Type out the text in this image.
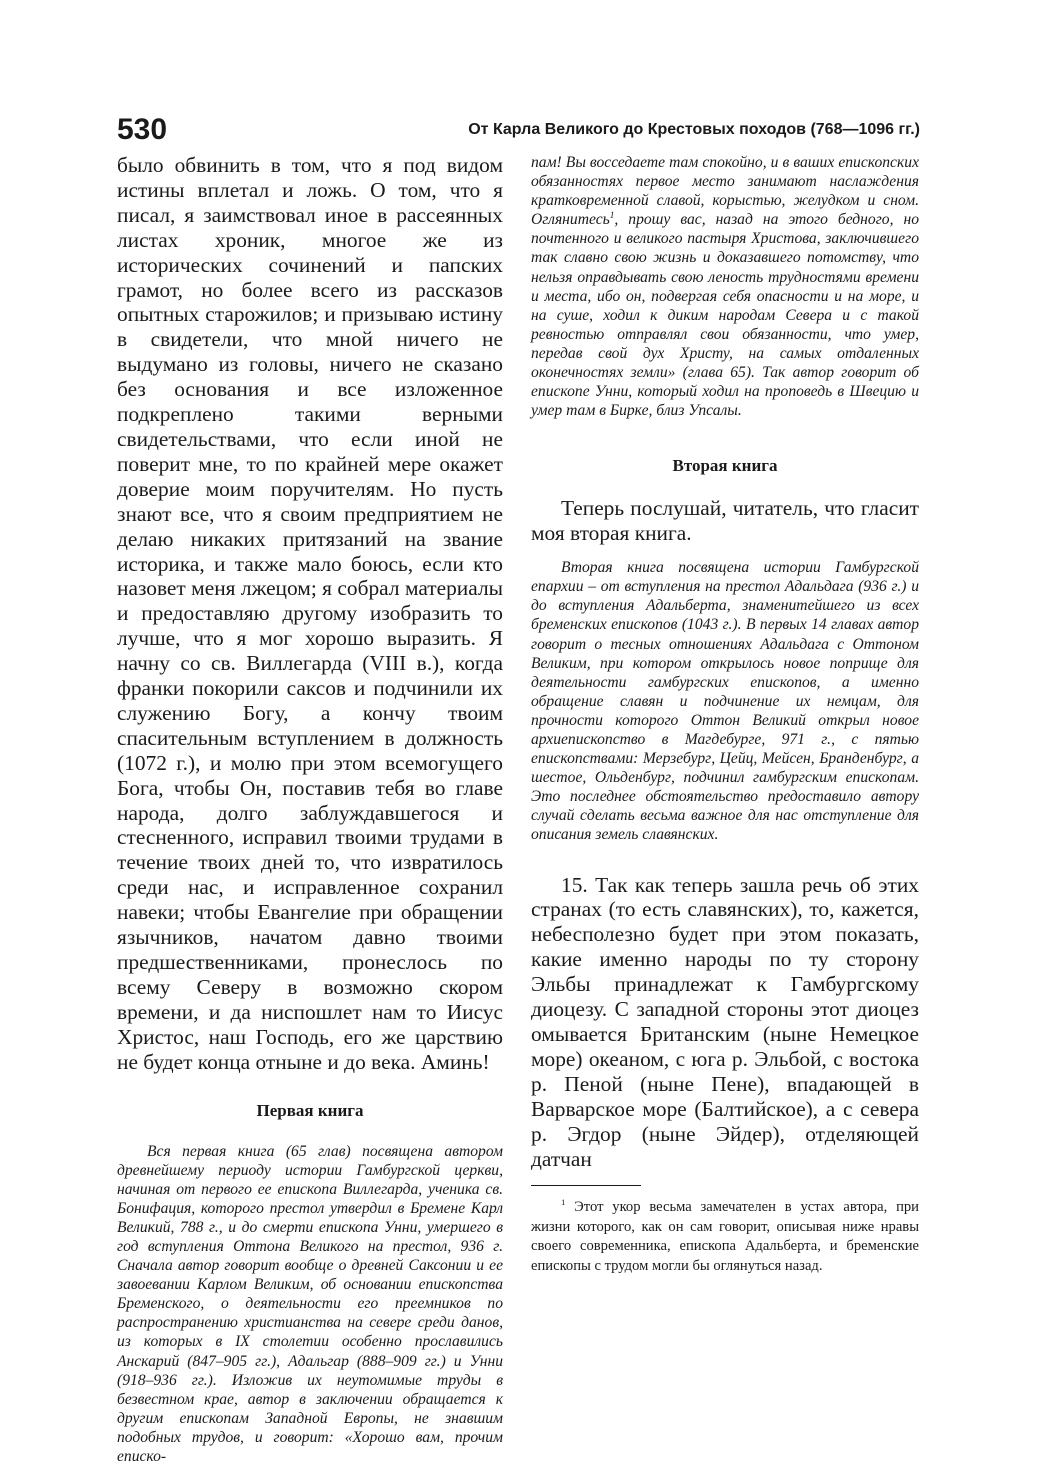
530	От Карла Великого до Крестовых походов (768—1096 гг.)

было обвинить в том, что я под видом истины вплетал и ложь. О том, что я писал, я заимствовал иное в рассеянных листах хроник, многое же из исторических сочинений и папских грамот, но более всего из рассказов опытных старожилов; и призываю истину в свидетели, что мной ничего не выдумано из головы, ничего не сказано без основания и все изложенное подкреплено такими верными свидетельствами, что если иной не поверит мне, то по крайней мере окажет доверие моим поручителям. Но пусть знают все, что я своим предприятием не делаю никаких притязаний на звание историка, и также мало боюсь, если кто назовет меня лжецом; я собрал материалы и предоставляю другому изобразить то лучше, что я мог хорошо выразить. Я начну со св. Виллегарда (VIII в.), когда франки покорили саксов и подчинили их служению Богу, а кончу твоим спасительным вступлением в должность (1072 г.), и молю при этом всемогущего Бога, чтобы Он, поставив тебя во главе народа, долго заблуждавшегося и стесненного, исправил твоими трудами в течение твоих дней то, что извратилось среди нас, и исправленное сохранил навеки; чтобы Евангелие при обращении язычников, начатом давно твоими предшественниками, пронеслось по всему Северу в возможно скором времени, и да ниспошлет нам то Иисус Христос, наш Господь, его же царствию не будет конца отныне и до века. Аминь!

Первая книга

Вся первая книга (65 глав) посвящена автором древнейшему периоду истории Гамбургской церкви, начиная от первого ее епископа Виллегарда, ученика св. Бонифация, которого престол утвердил в Бремене Карл Великий, 788 г., и до смерти епископа Унни, умершего в год вступления Оттона Великого на престол, 936 г. Сначала автор говорит вообще о древней Саксонии и ее завоевании Карлом Великим, об основании епископства Бременского, о деятельности его преемников по распространению христианства на севере среди данов, из которых в IX столетии особенно прославились Анскарий (847–905 гг.), Адальгар (888–909 гг.) и Унни (918–936 гг.). Изложив их неутомимые труды в безвестном крае, автор в заключении обращается к другим епископам Западной Европы, не знавшим подобных трудов, и говорит: «Хорошо вам, прочим еписко-

пам! Вы восседаете там спокойно, и в ваших епископских обязанностях первое место занимают наслаждения кратковременной славой, корыстью, желудком и сном. Оглянитесь$^1$, прошу вас, назад на этого бедного, но почтенного и великого пастыря Христова, заключившего так славно свою жизнь и доказавшего потомству, что нельзя оправдывать свою леность трудностями времени и места, ибо он, подвергая себя опасности и на море, и на суше, ходил к диким народам Севера и с такой ревностью отправлял свои обязанности, что умер, передав свой дух Христу, на самых отдаленных оконечностях земли» (глава 65). Так автор говорит об епископе Унни, который ходил на проповедь в Швецию и умер там в Бирке, близ Упсалы.

Вторая книга

Теперь послушай, читатель, что гласит моя вторая книга.

Вторая книга посвящена истории Гамбургской епархии – от вступления на престол Адальдага (936 г.) и до вступления Адальберта, знаменитейшего из всех бременских епископов (1043 г.). В первых 14 главах автор говорит о тесных отношениях Адальдага с Оттоном Великим, при котором открылось новое поприще для деятельности гамбургских епископов, а именно обращение славян и подчинение их немцам, для прочности которого Оттон Великий открыл новое архиепископство в Магдебурге, 971 г., с пятью епископствами: Мерзебург, Цейц, Мейсен, Бранденбург, а шестое, Ольденбург, подчинил гамбургским епископам. Это последнее обстоятельство предоставило автору случай сделать весьма важное для нас отступление для описания земель славянских.

15. Так как теперь зашла речь об этих странах (то есть славянских), то, кажется, небесполезно будет при этом показать, какие именно народы по ту сторону Эльбы принадлежат к Гамбургскому диоцезу. С западной стороны этот диоцез омывается Британским (ныне Немецкое море) океаном, с юга р. Эльбой, с востока р. Пеной (ныне Пене), впадающей в Варварское море (Балтийское), а с севера р. Эгдор (ныне Эйдер), отделяющей датчан

$^1$ Этот укор весьма замечателен в устах автора, при жизни которого, как он сам говорит, описывая ниже нравы своего современника, епископа Адальберта, и бременские епископы с трудом могли бы оглянуться назад.
